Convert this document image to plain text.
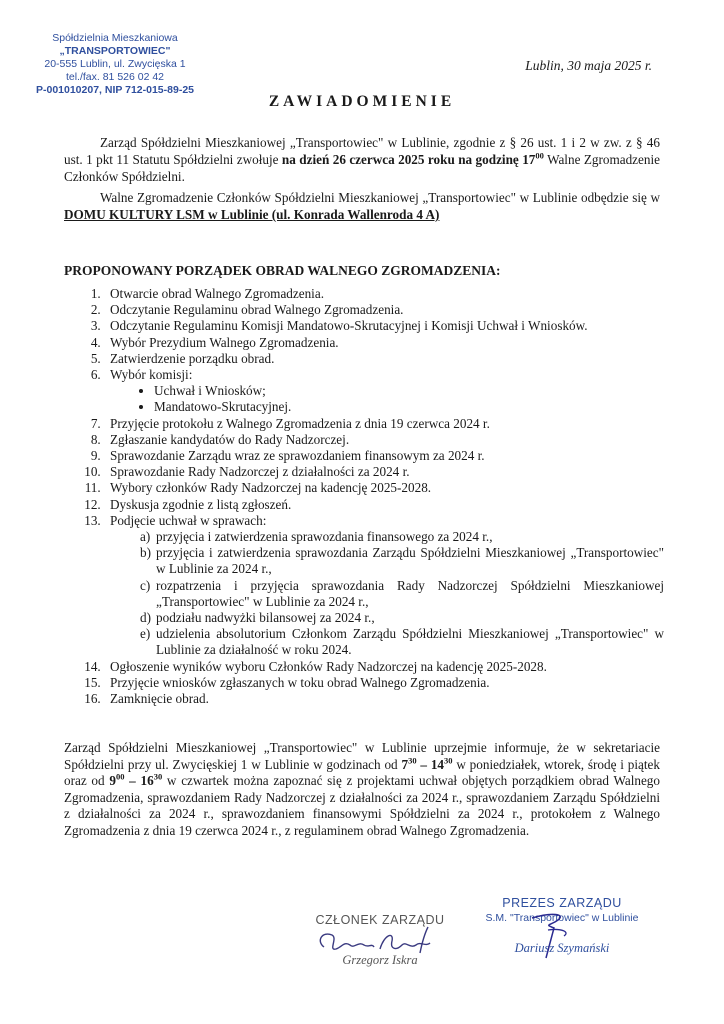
Spółdzielnia Mieszkaniowa
„TRANSPORTOWIEC"
20-555 Lublin, ul. Zwycięska 1
tel./fax. 81 526 02 42
P-001010207, NIP 712-015-89-25
Lublin, 30 maja 2025 r.
ZAWIADOMIENIE

Zarząd Spółdzielni Mieszkaniowej „Transportowiec" w Lublinie, zgodnie z § 26 ust. 1 i 2 w zw. z § 46 ust. 1 pkt 11 Statutu Spółdzielni zwołuje na dzień 26 czerwca 2025 roku na godzinę $17^{00}$ Walne Zgromadzenie Członków Spółdzielni.

Walne Zgromadzenie Członków Spółdzielni Mieszkaniowej „Transportowiec" w Lublinie odbędzie się w DOMU KULTURY LSM w Lublinie (ul. Konrada Wallenroda 4 A)

PROPONOWANY PORZĄDEK OBRAD WALNEGO ZGROMADZENIA:
1. Otwarcie obrad Walnego Zgromadzenia.
2. Odczytanie Regulaminu obrad Walnego Zgromadzenia.
3. Odczytanie Regulaminu Komisji Mandatowo-Skrutacyjnej i Komisji Uchwał i Wniosków.
4. Wybór Prezydium Walnego Zgromadzenia.
5. Zatwierdzenie porządku obrad.
6. Wybór komisji:
• Uchwał i Wniosków;
• Mandatowo-Skrutacyjnej.
7. Przyjęcie protokołu z Walnego Zgromadzenia z dnia 19 czerwca 2024 r.
8. Zgłaszanie kandydatów do Rady Nadzorczej.
9. Sprawozdanie Zarządu wraz ze sprawozdaniem finansowym za 2024 r.
10. Sprawozdanie Rady Nadzorczej z działalności za 2024 r.
11. Wybory członków Rady Nadzorczej na kadencję 2025-2028.
12. Dyskusja zgodnie z listą zgłoszeń.
13. Podjęcie uchwał w sprawach:
a) przyjęcia i zatwierdzenia sprawozdania finansowego za 2024 r.,
b) przyjęcia i zatwierdzenia sprawozdania Zarządu Spółdzielni Mieszkaniowej „Transportowiec" w Lublinie za 2024 r.,
c) rozpatrzenia i przyjęcia sprawozdania Rady Nadzorczej Spółdzielni Mieszkaniowej „Transportowiec" w Lublinie za 2024 r.,
d) podziału nadwyżki bilansowej za 2024 r.,
e) udzielenia absolutorium Członkom Zarządu Spółdzielni Mieszkaniowej „Transportowiec" w Lublinie za działalność w roku 2024.
14. Ogłoszenie wyników wyboru Członków Rady Nadzorczej na kadencję 2025-2028.
15. Przyjęcie wniosków zgłaszanych w toku obrad Walnego Zgromadzenia.
16. Zamknięcie obrad.
Zarząd Spółdzielni Mieszkaniowej „Transportowiec" w Lublinie uprzejmie informuje, że w sekretariacie Spółdzielni przy ul. Zwycięskiej 1 w Lublinie w godzinach od $7^{30} - 14^{30}$ w poniedziałek, wtorek, środę i piątek oraz od $9^{00} - 16^{30}$ w czwartek można zapoznać się z projektami uchwał objętych porządkiem obrad Walnego Zgromadzenia, sprawozdaniem Rady Nadzorczej z działalności za 2024 r., sprawozdaniem Zarządu Spółdzielni z działalności za 2024 r., sprawozdaniem finansowymi Spółdzielni za 2024 r., protokołem z Walnego Zgromadzenia z dnia 19 czerwca 2024 r., z regulaminem obrad Walnego Zgromadzenia.
CZŁONEK ZARZĄDU
Grzegorz Iskra
PREZES ZARZĄDU
S.M. "Transportowiec" w Lublinie
Dariusz Szymański
